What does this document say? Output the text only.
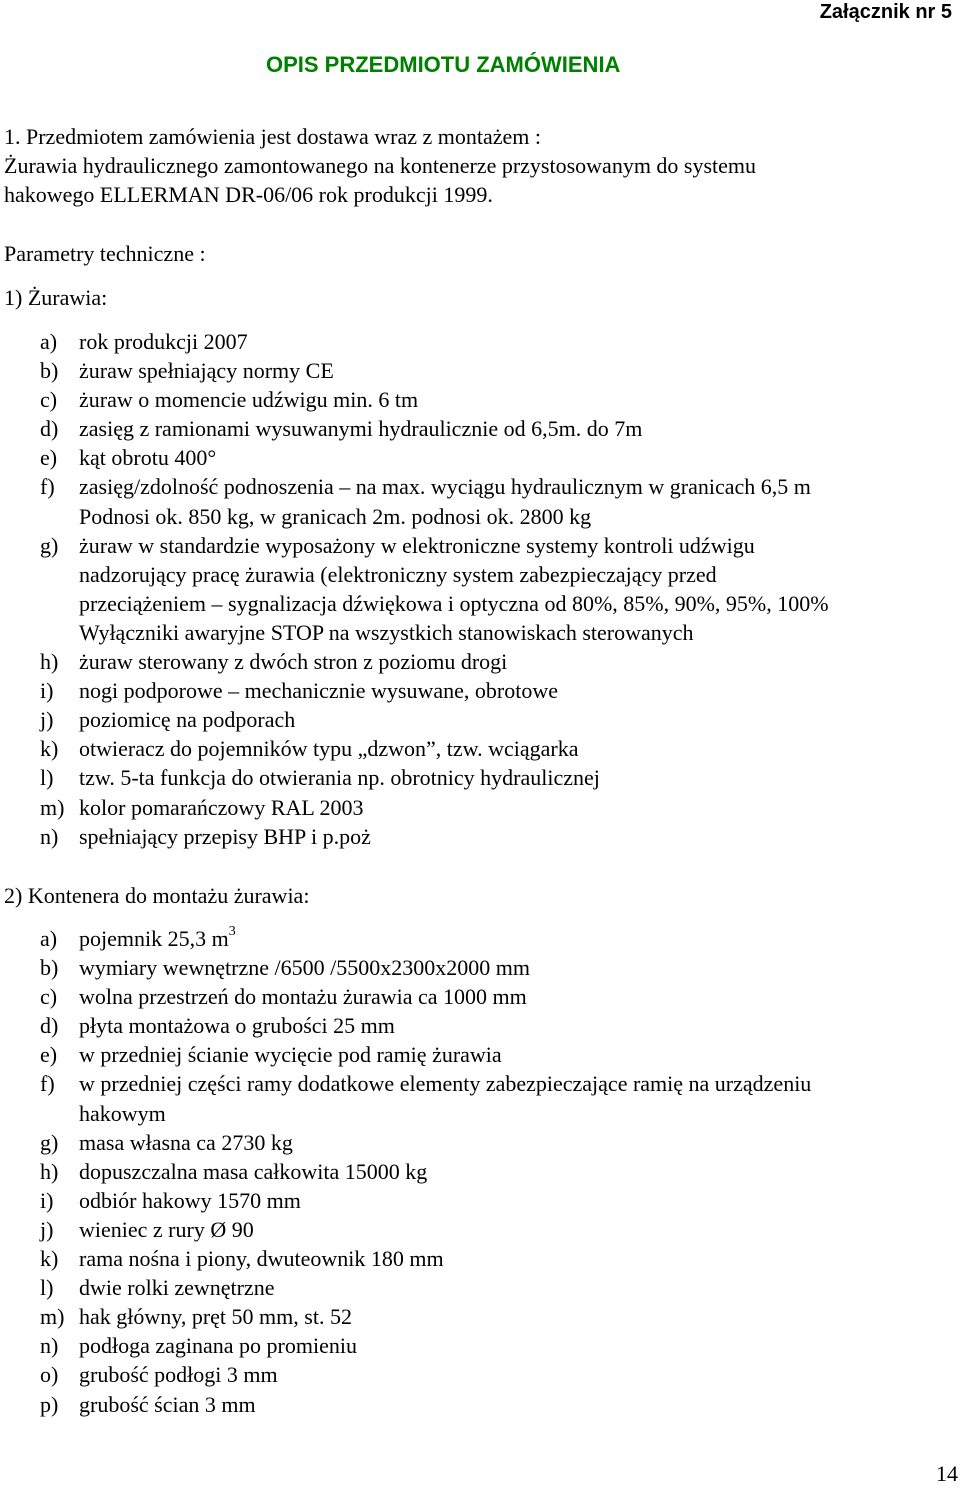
Załącznik nr 5
OPIS PRZEDMIOTU ZAMÓWIENIA
1. Przedmiotem zamówienia jest dostawa wraz z montażem :
Żurawia hydraulicznego zamontowanego na kontenerze przystosowanym do systemu
hakowego ELLERMAN DR-06/06 rok produkcji 1999.
Parametry techniczne :
1) Żurawia:
a) rok produkcji 2007
b) żuraw spełniający normy CE
c) żuraw o momencie udźwigu min. 6 tm
d) zasięg z ramionami wysuwanymi hydraulicznie od 6,5m. do 7m
e) kąt obrotu 400°
f) zasięg/zdolność podnoszenia – na max. wyciągu hydraulicznym w granicach 6,5 m
Podnosi ok. 850 kg, w granicach 2m. podnosi ok. 2800 kg
g) żuraw w standardzie wyposażony w elektroniczne systemy kontroli udźwigu
nadzorujący pracę żurawia (elektroniczny system zabezpieczający przed
przeciążeniem – sygnalizacja dźwiękowa i optyczna od 80%, 85%, 90%, 95%, 100%
Wyłączniki awaryjne STOP na wszystkich stanowiskach sterowanych
h) żuraw sterowany z dwóch stron z poziomu drogi
i) nogi podporowe – mechanicznie wysuwane, obrotowe
j) poziomicę na podporach
k) otwieracz do pojemników typu „dzwon”, tzw. wciągarka
l) tzw. 5-ta funkcja do otwierania np. obrotnicy hydraulicznej
m) kolor pomarańczowy RAL 2003
n) spełniający przepisy BHP i p.poż
2) Kontenera do montażu żurawia:
a) pojemnik 25,3 $m^3$
b) wymiary wewnętrzne /6500 /5500x2300x2000 mm
c) wolna przestrzeń do montażu żurawia ca 1000 mm
d) płyta montażowa o grubości 25 mm
e) w przedniej ścianie wycięcie pod ramię żurawia
f) w przedniej części ramy dodatkowe elementy zabezpieczające ramię na urządzeniu
hakowym
g) masa własna ca 2730 kg
h) dopuszczalna masa całkowita 15000 kg
i) odbiór hakowy 1570 mm
j) wieniec z rury Ø 90
k) rama nośna i piony, dwuteownik 180 mm
l) dwie rolki zewnętrzne
m) hak główny, pręt 50 mm, st. 52
n) podłoga zaginana po promieniu
o) grubość podłogi 3 mm
p) grubość ścian 3 mm
14
